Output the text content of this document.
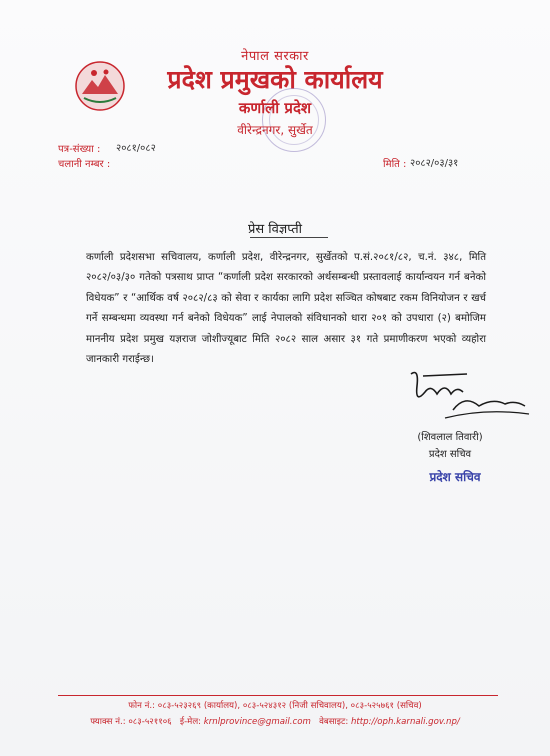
नेपाल सरकार
प्रदेश प्रमुखको कार्यालय
कर्णाली प्रदेश
वीरेन्द्रनगर, सुर्खेत
पत्र-संख्या : २०८१/०८२
चलानी नम्बर :	मिति : २०८२/०३/३१
प्रेस विज्ञप्ती
कर्णाली प्रदेशसभा सचिवालय, कर्णाली प्रदेश, वीरेन्द्रनगर, सुर्खेतको प.सं.२०८१/८२, च.नं. ३४८, मिति २०८२/०३/३० गतेको पत्रसाथ प्राप्त “कर्णाली प्रदेश सरकारको अर्थसम्बन्धी प्रस्तावलाई कार्यान्वयन गर्न बनेको विधेयक” र “आर्थिक वर्ष २०८२/८३ को सेवा र कार्यका लागि प्रदेश सञ्चित कोषबाट रकम विनियोजन र खर्च गर्ने सम्बन्धमा व्यवस्था गर्न बनेको विधेयक” लाई नेपालको संविधानको धारा २०१ को उपधारा (२) बमोजिम माननीय प्रदेश प्रमुख यज्ञराज जोशीज्यूबाट मिति २०८२ साल असार ३१ गते प्रमाणीकरण भएको व्यहोरा जानकारी गराईन्छ।
(शिवलाल तिवारी)
प्रदेश सचिव
प्रदेश सचिव
फोन नं.: ०८३-५२३२६९ (कार्यालय), ०८३-५२४३१२ (निजी सचिवालय), ०८३-५२५७६१ (सचिव)
फ्याक्स नं.: ०८३-५२११०६ ई-मेल: krnlprovince@gmail.com वेबसाइट: http://oph.karnali.gov.np/
